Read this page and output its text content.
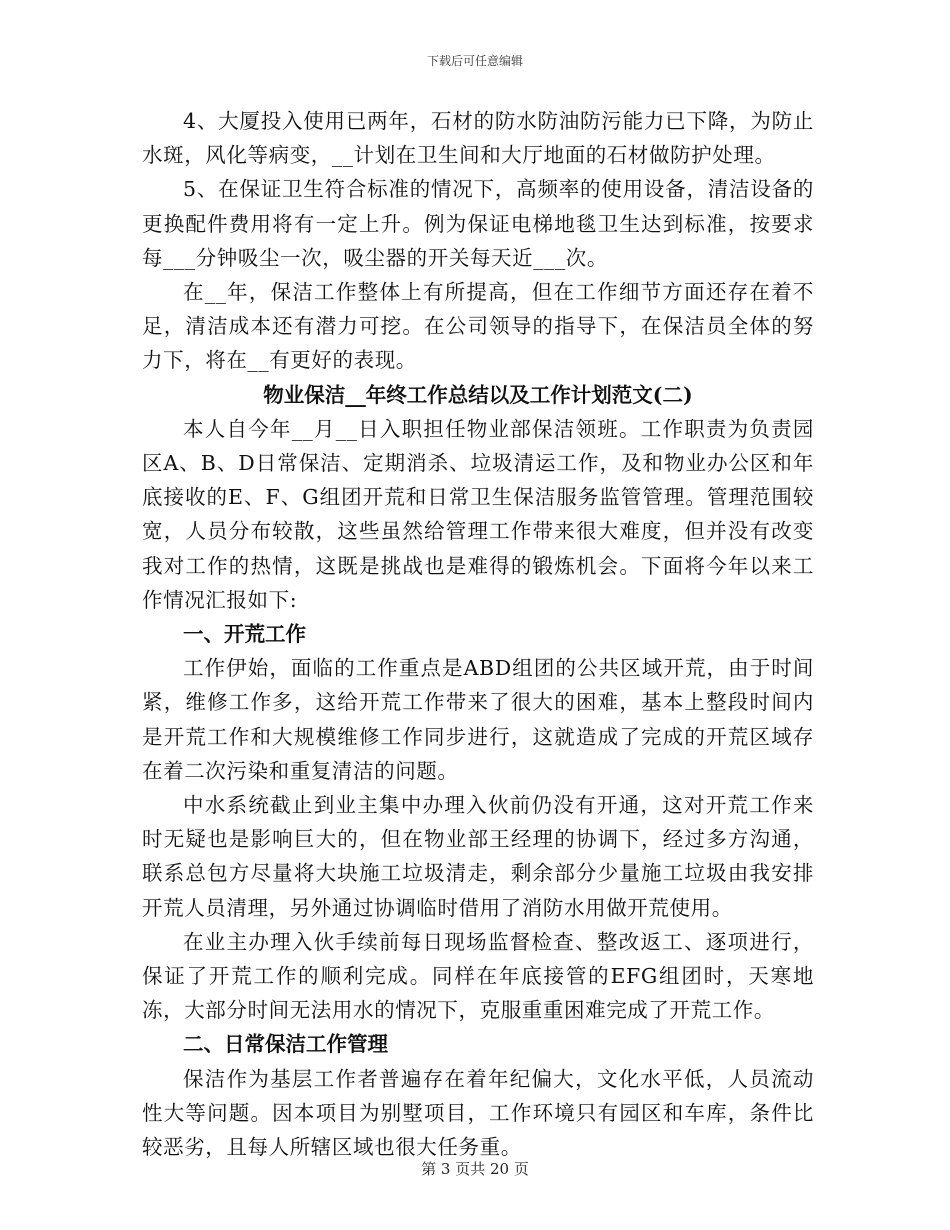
下载后可任意编辑

4、大厦投入使用已两年，石材的防水防油防污能力已下降，为防止水斑，风化等病变，__计划在卫生间和大厅地面的石材做防护处理。

5、在保证卫生符合标准的情况下，高频率的使用设备，清洁设备的更换配件费用将有一定上升。例为保证电梯地毯卫生达到标准，按要求每___分钟吸尘一次，吸尘器的开关每天近___次。

在__年，保洁工作整体上有所提高，但在工作细节方面还存在着不足，清洁成本还有潜力可挖。在公司领导的指导下，在保洁员全体的努力下，将在__有更好的表现。

物业保洁__年终工作总结以及工作计划范文(二)

本人自今年__月__日入职担任物业部保洁领班。工作职责为负责园区A、B、D日常保洁、定期消杀、垃圾清运工作，及和物业办公区和年底接收的E、F、G组团开荒和日常卫生保洁服务监管管理。管理范围较宽，人员分布较散，这些虽然给管理工作带来很大难度，但并没有改变我对工作的热情，这既是挑战也是难得的锻炼机会。下面将今年以来工作情况汇报如下:

一、开荒工作

工作伊始，面临的工作重点是ABD组团的公共区域开荒，由于时间紧，维修工作多，这给开荒工作带来了很大的困难，基本上整段时间内是开荒工作和大规模维修工作同步进行，这就造成了完成的开荒区域存在着二次污染和重复清洁的问题。

中水系统截止到业主集中办理入伙前仍没有开通，这对开荒工作来时无疑也是影响巨大的，但在物业部王经理的协调下，经过多方沟通，联系总包方尽量将大块施工垃圾清走，剩余部分少量施工垃圾由我安排开荒人员清理，另外通过协调临时借用了消防水用做开荒使用。

在业主办理入伙手续前每日现场监督检查、整改返工、逐项进行，保证了开荒工作的顺利完成。同样在年底接管的EFG组团时，天寒地冻，大部分时间无法用水的情况下，克服重重困难完成了开荒工作。

二、日常保洁工作管理

保洁作为基层工作者普遍存在着年纪偏大，文化水平低，人员流动性大等问题。因本项目为别墅项目，工作环境只有园区和车库，条件比较恶劣，且每人所辖区域也很大任务重。

第 3 页共 20 页
